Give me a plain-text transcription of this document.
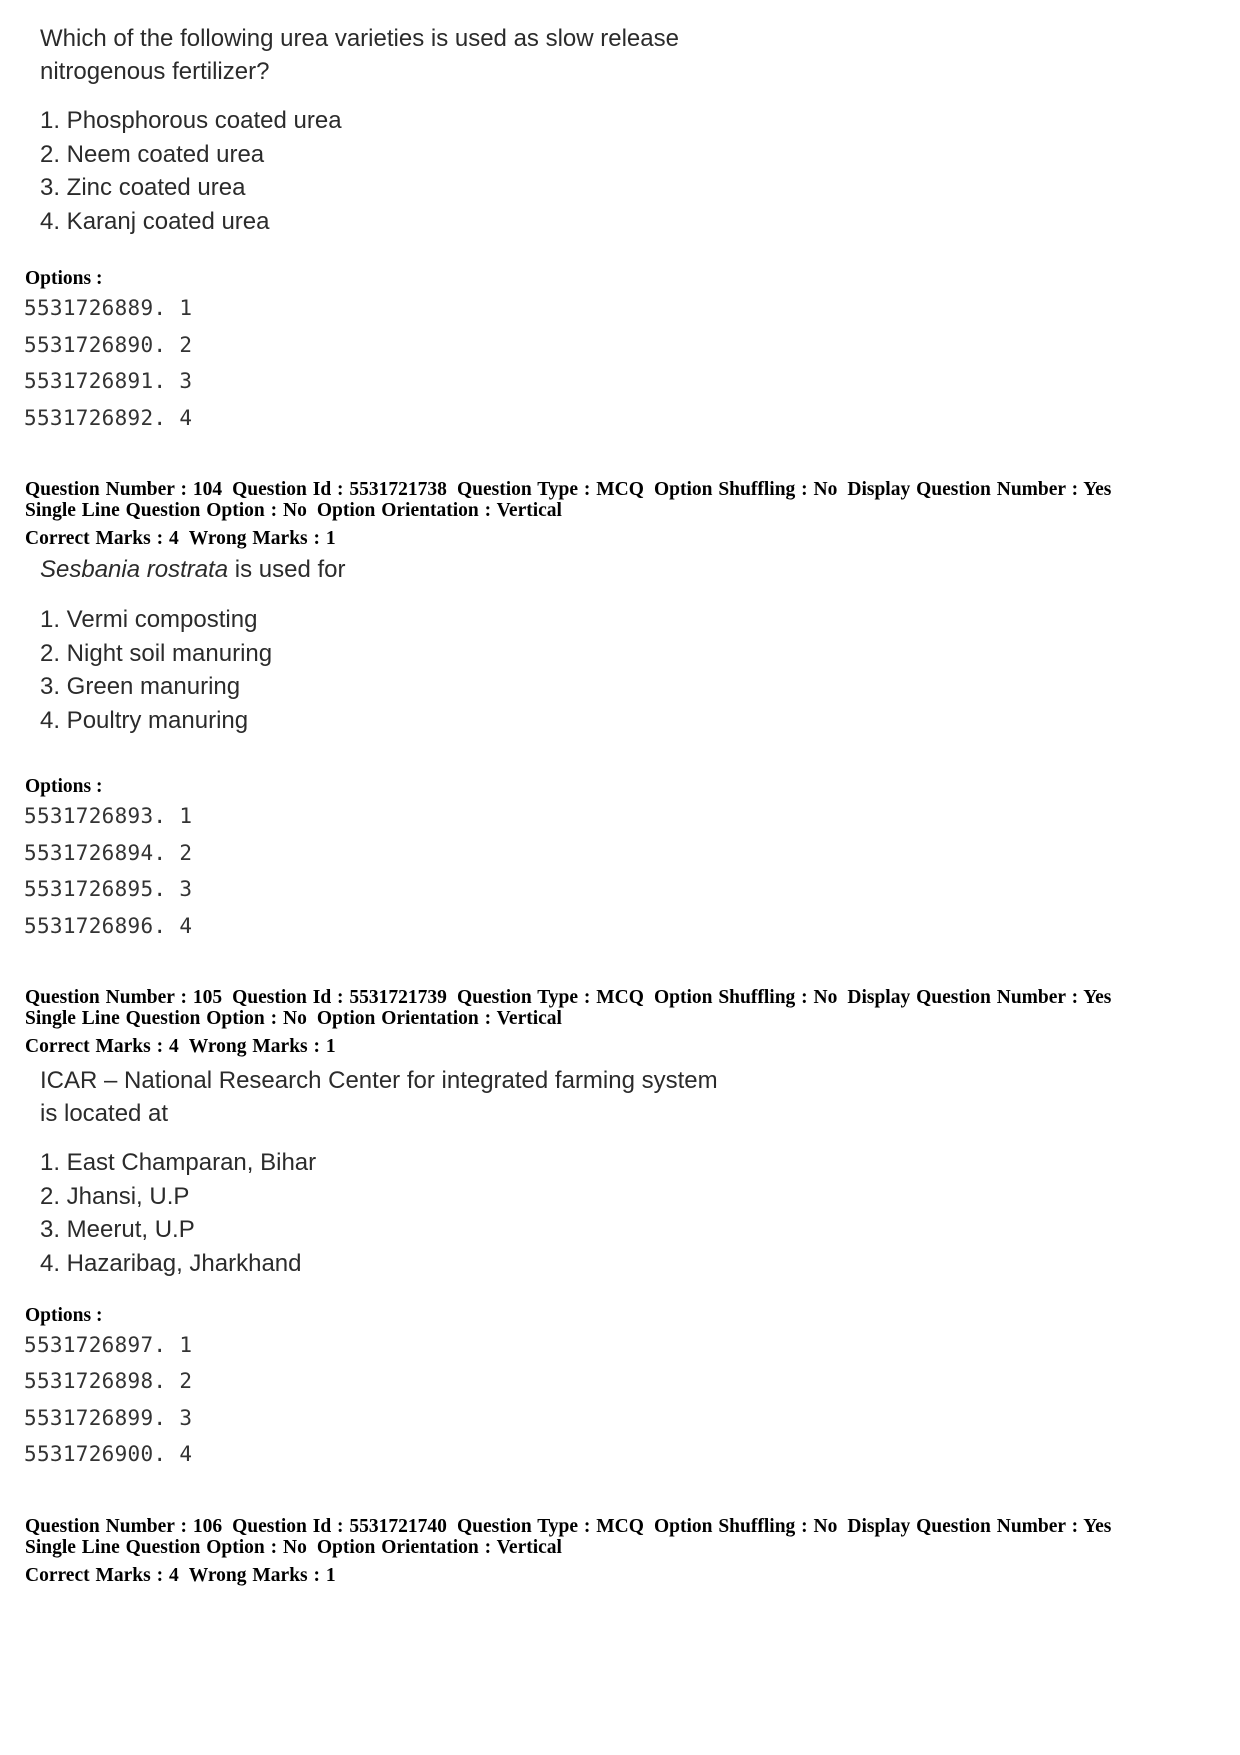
Which of the following urea varieties is used as slow release
nitrogenous fertilizer?
1. Phosphorous coated urea
2. Neem coated urea
3. Zinc coated urea
4. Karanj coated urea
Options :
5531726889. 1
5531726890. 2
5531726891. 3
5531726892. 4
Question Number : 104 Question Id : 5531721738 Question Type : MCQ Option Shuffling : No Display Question Number : Yes
Single Line Question Option : No Option Orientation : Vertical
Correct Marks : 4 Wrong Marks : 1
Sesbania rostrata is used for
1. Vermi composting
2. Night soil manuring
3. Green manuring
4. Poultry manuring
Options :
5531726893. 1
5531726894. 2
5531726895. 3
5531726896. 4
Question Number : 105 Question Id : 5531721739 Question Type : MCQ Option Shuffling : No Display Question Number : Yes
Single Line Question Option : No Option Orientation : Vertical
Correct Marks : 4 Wrong Marks : 1
ICAR – National Research Center for integrated farming system
is located at
1. East Champaran, Bihar
2. Jhansi, U.P
3. Meerut, U.P
4. Hazaribag, Jharkhand
Options :
5531726897. 1
5531726898. 2
5531726899. 3
5531726900. 4
Question Number : 106 Question Id : 5531721740 Question Type : MCQ Option Shuffling : No Display Question Number : Yes
Single Line Question Option : No Option Orientation : Vertical
Correct Marks : 4 Wrong Marks : 1
